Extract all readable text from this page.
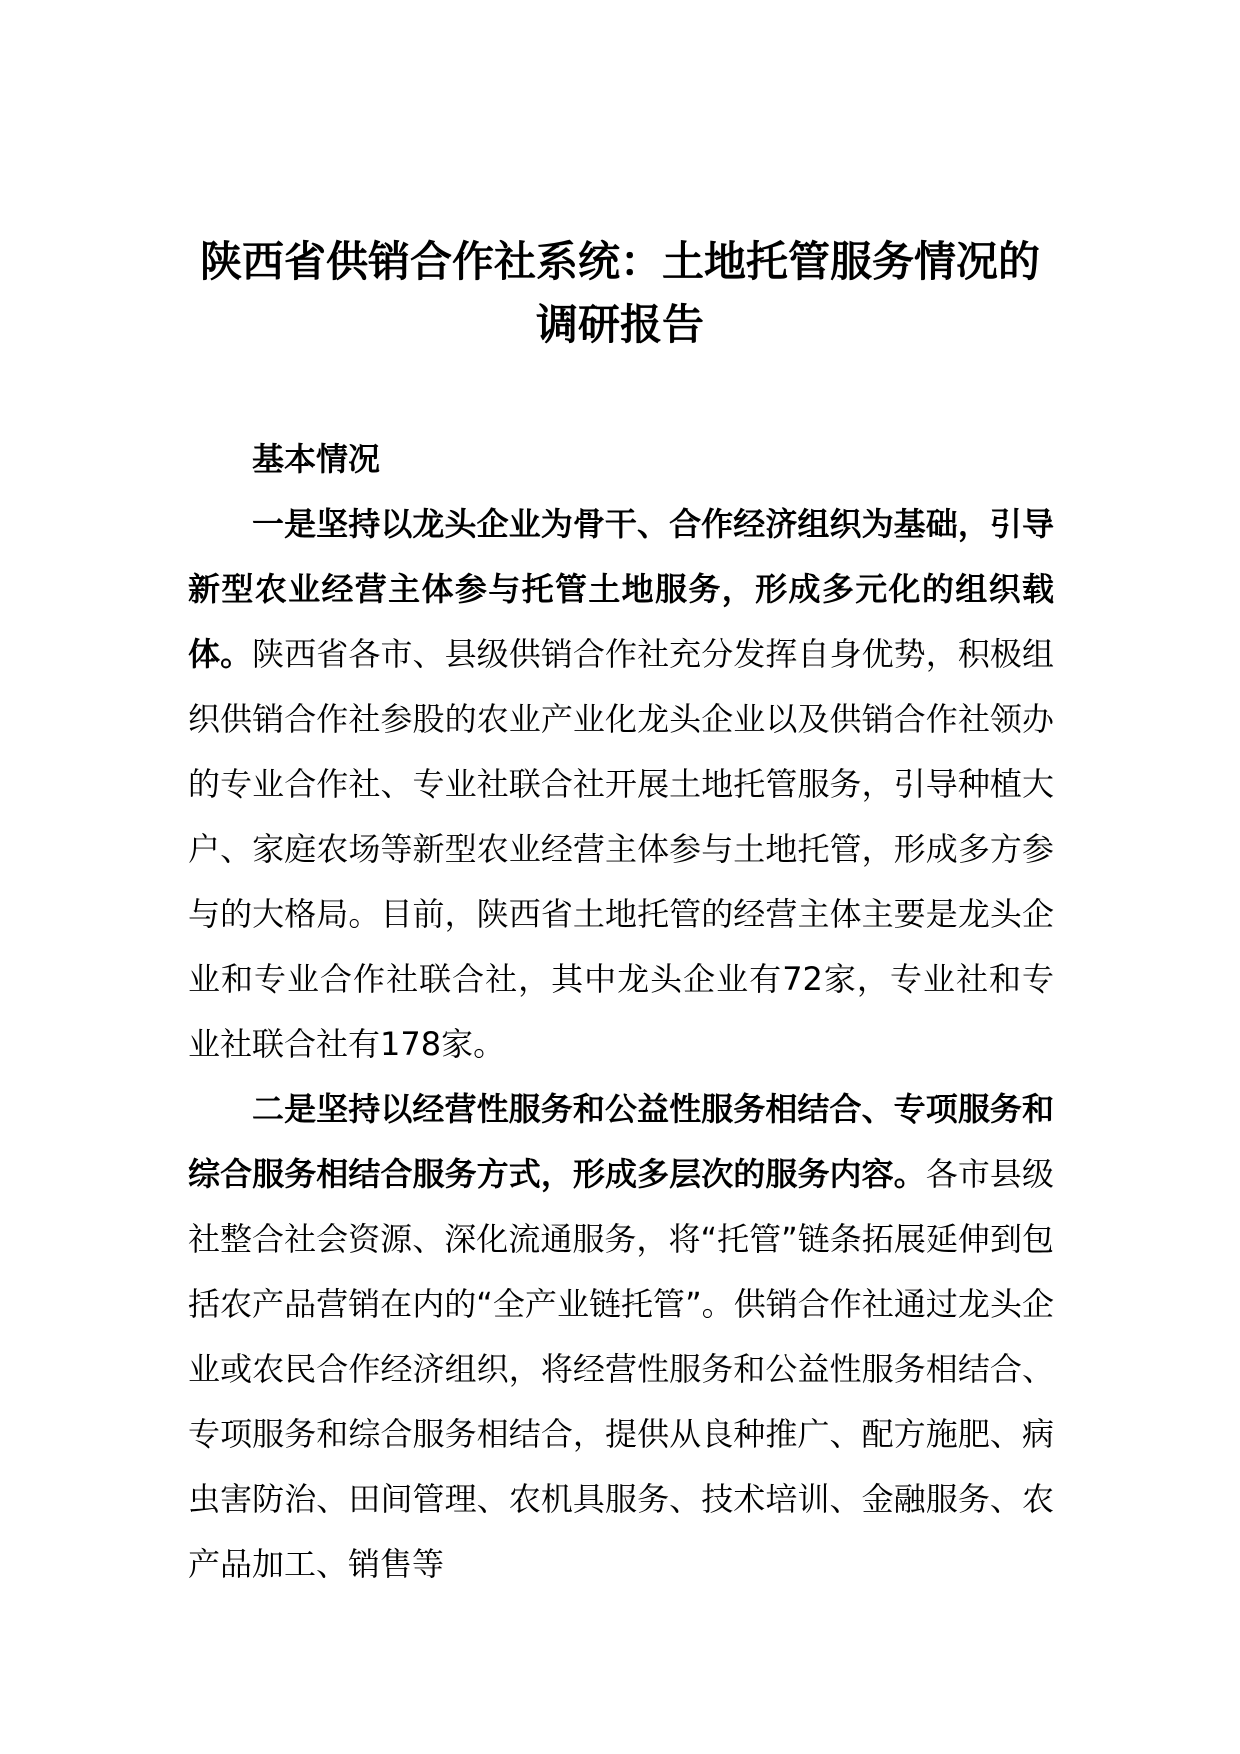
陕西省供销合作社系统：土地托管服务情况的调研报告

基本情况

一是坚持以龙头企业为骨干、合作经济组织为基础，引导新型农业经营主体参与托管土地服务，形成多元化的组织载体。陕西省各市、县级供销合作社充分发挥自身优势，积极组织供销合作社参股的农业产业化龙头企业以及供销合作社领办的专业合作社、专业社联合社开展土地托管服务，引导种植大户、家庭农场等新型农业经营主体参与土地托管，形成多方参与的大格局。目前，陕西省土地托管的经营主体主要是龙头企业和专业合作社联合社，其中龙头企业有72家，专业社和专业社联合社有178家。

二是坚持以经营性服务和公益性服务相结合、专项服务和综合服务相结合服务方式，形成多层次的服务内容。各市县级社整合社会资源、深化流通服务，将“托管”链条拓展延伸到包括农产品营销在内的“全产业链托管”。供销合作社通过龙头企业或农民合作经济组织，将经营性服务和公益性服务相结合、专项服务和综合服务相结合，提供从良种推广、配方施肥、病虫害防治、田间管理、农机具服务、技术培训、金融服务、农产品加工、销售等
